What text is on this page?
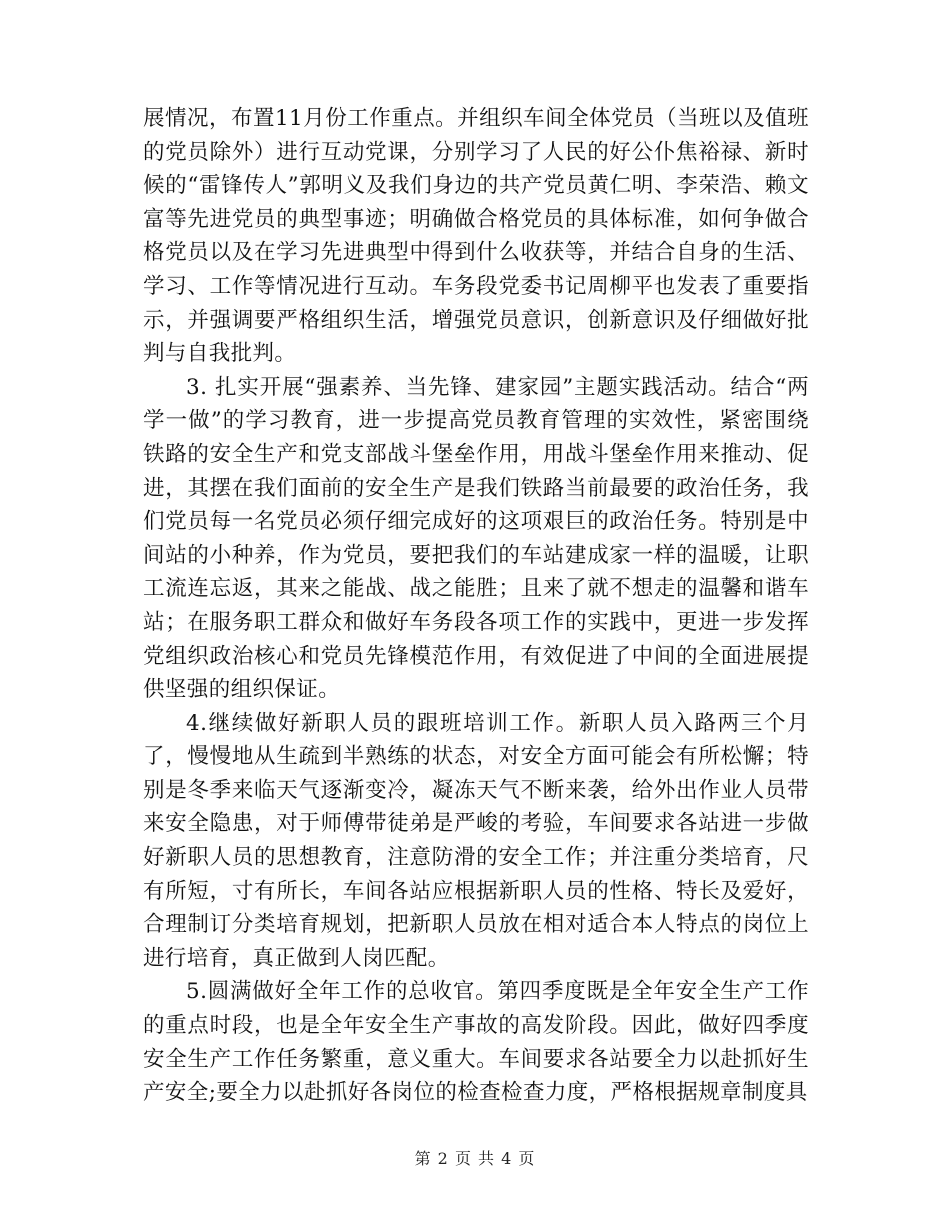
展情况，布置11月份工作重点。并组织车间全体党员（当班以及值班的党员除外）进行互动党课，分别学习了人民的好公仆焦裕禄、新时候的“雷锋传人”郭明义及我们身边的共产党员黄仁明、李荣浩、赖文富等先进党员的典型事迹；明确做合格党员的具体标准，如何争做合格党员以及在学习先进典型中得到什么收获等，并结合自身的生活、学习、工作等情况进行互动。车务段党委书记周柳平也发表了重要指示，并强调要严格组织生活，增强党员意识，创新意识及仔细做好批判与自我批判。

3. 扎实开展“强素养、当先锋、建家园”主题实践活动。结合“两学一做”的学习教育，进一步提高党员教育管理的实效性，紧密围绕铁路的安全生产和党支部战斗堡垒作用，用战斗堡垒作用来推动、促进，其摆在我们面前的安全生产是我们铁路当前最要的政治任务，我们党员每一名党员必须仔细完成好的这项艰巨的政治任务。特别是中间站的小种养，作为党员，要把我们的车站建成家一样的温暖，让职工流连忘返，其来之能战、战之能胜；且来了就不想走的温馨和谐车站；在服务职工群众和做好车务段各项工作的实践中，更进一步发挥党组织政治核心和党员先锋模范作用，有效促进了中间的全面进展提供坚强的组织保证。

4.继续做好新职人员的跟班培训工作。新职人员入路两三个月了，慢慢地从生疏到半熟练的状态，对安全方面可能会有所松懈；特别是冬季来临天气逐渐变冷，凝冻天气不断来袭，给外出作业人员带来安全隐患，对于师傅带徒弟是严峻的考验，车间要求各站进一步做好新职人员的思想教育，注意防滑的安全工作；并注重分类培育，尺有所短，寸有所长，车间各站应根据新职人员的性格、特长及爱好，合理制订分类培育规划，把新职人员放在相对适合本人特点的岗位上进行培育，真正做到人岗匹配。

5.圆满做好全年工作的总收官。第四季度既是全年安全生产工作的重点时段，也是全年安全生产事故的高发阶段。因此，做好四季度安全生产工作任务繁重，意义重大。车间要求各站要全力以赴抓好生产安全;要全力以赴抓好各岗位的检查检查力度，严格根据规章制度具

第 2 页 共 4 页
